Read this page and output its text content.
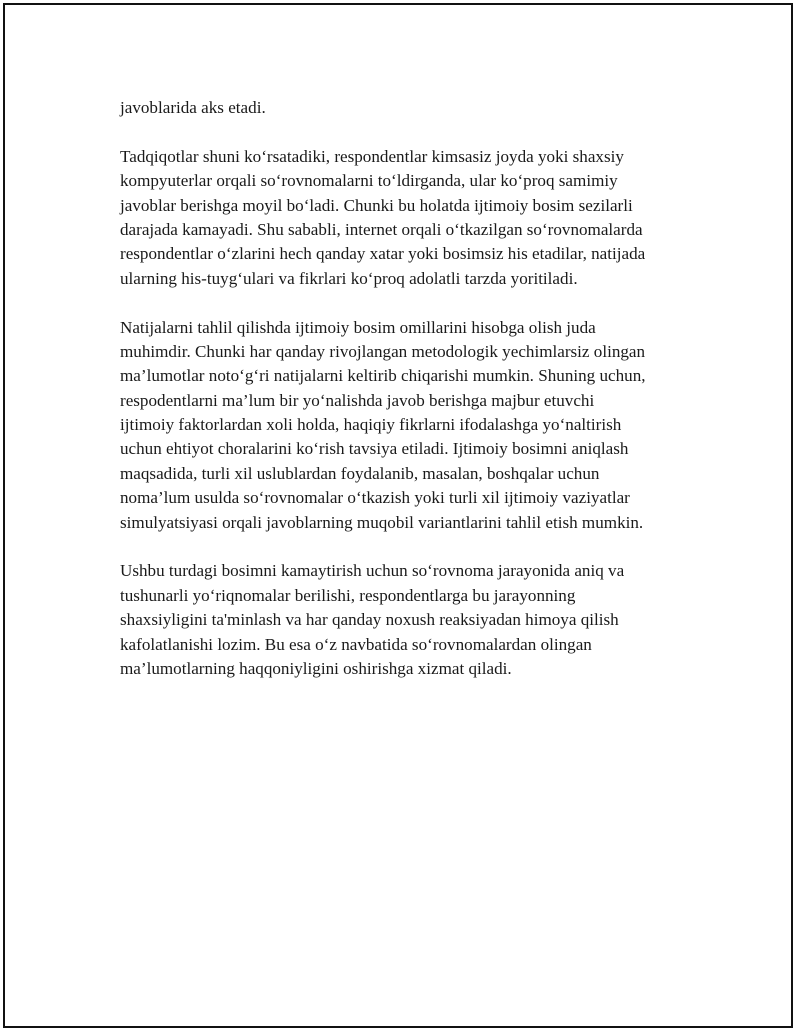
javoblarida aks etadi.
Tadqiqotlar shuni ko‘rsatadiki, respondentlar kimsasiz joyda yoki shaxsiy
kompyuterlar orqali so‘rovnomalarni to‘ldirganda, ular ko‘proq samimiy
javoblar berishga moyil bo‘ladi. Chunki bu holatda ijtimoiy bosim sezilarli
darajada kamayadi. Shu sababli, internet orqali o‘tkazilgan so‘rovnomalarda
respondentlar o‘zlarini hech qanday xatar yoki bosimsiz his etadilar, natijada
ularning his-tuyg‘ulari va fikrlari ko‘proq adolatli tarzda yoritiladi.
Natijalarni tahlil qilishda ijtimoiy bosim omillarini hisobga olish juda
muhimdir. Chunki har qanday rivojlangan metodologik yechimlarsiz olingan
ma’lumotlar noto‘g‘ri natijalarni keltirib chiqarishi mumkin. Shuning uchun,
respodentlarni ma’lum bir yo‘nalishda javob berishga majbur etuvchi
ijtimoiy faktorlardan xoli holda, haqiqiy fikrlarni ifodalashga yo‘naltirish
uchun ehtiyot choralarini ko‘rish tavsiya etiladi. Ijtimoiy bosimni aniqlash
maqsadida, turli xil uslublardan foydalanib, masalan, boshqalar uchun
noma’lum usulda so‘rovnomalar o‘tkazish yoki turli xil ijtimoiy vaziyatlar
simulyatsiyasi orqali javoblarning muqobil variantlarini tahlil etish mumkin.
Ushbu turdagi bosimni kamaytirish uchun so‘rovnoma jarayonida aniq va
tushunarli yo‘riqnomalar berilishi, respondentlarga bu jarayonning
shaxsiyligini ta'minlash va har qanday noxush reaksiyadan himoya qilish
kafolatlanishi lozim. Bu esa o‘z navbatida so‘rovnomalardan olingan
ma’lumotlarning haqqoniyligini oshirishga xizmat qiladi.
